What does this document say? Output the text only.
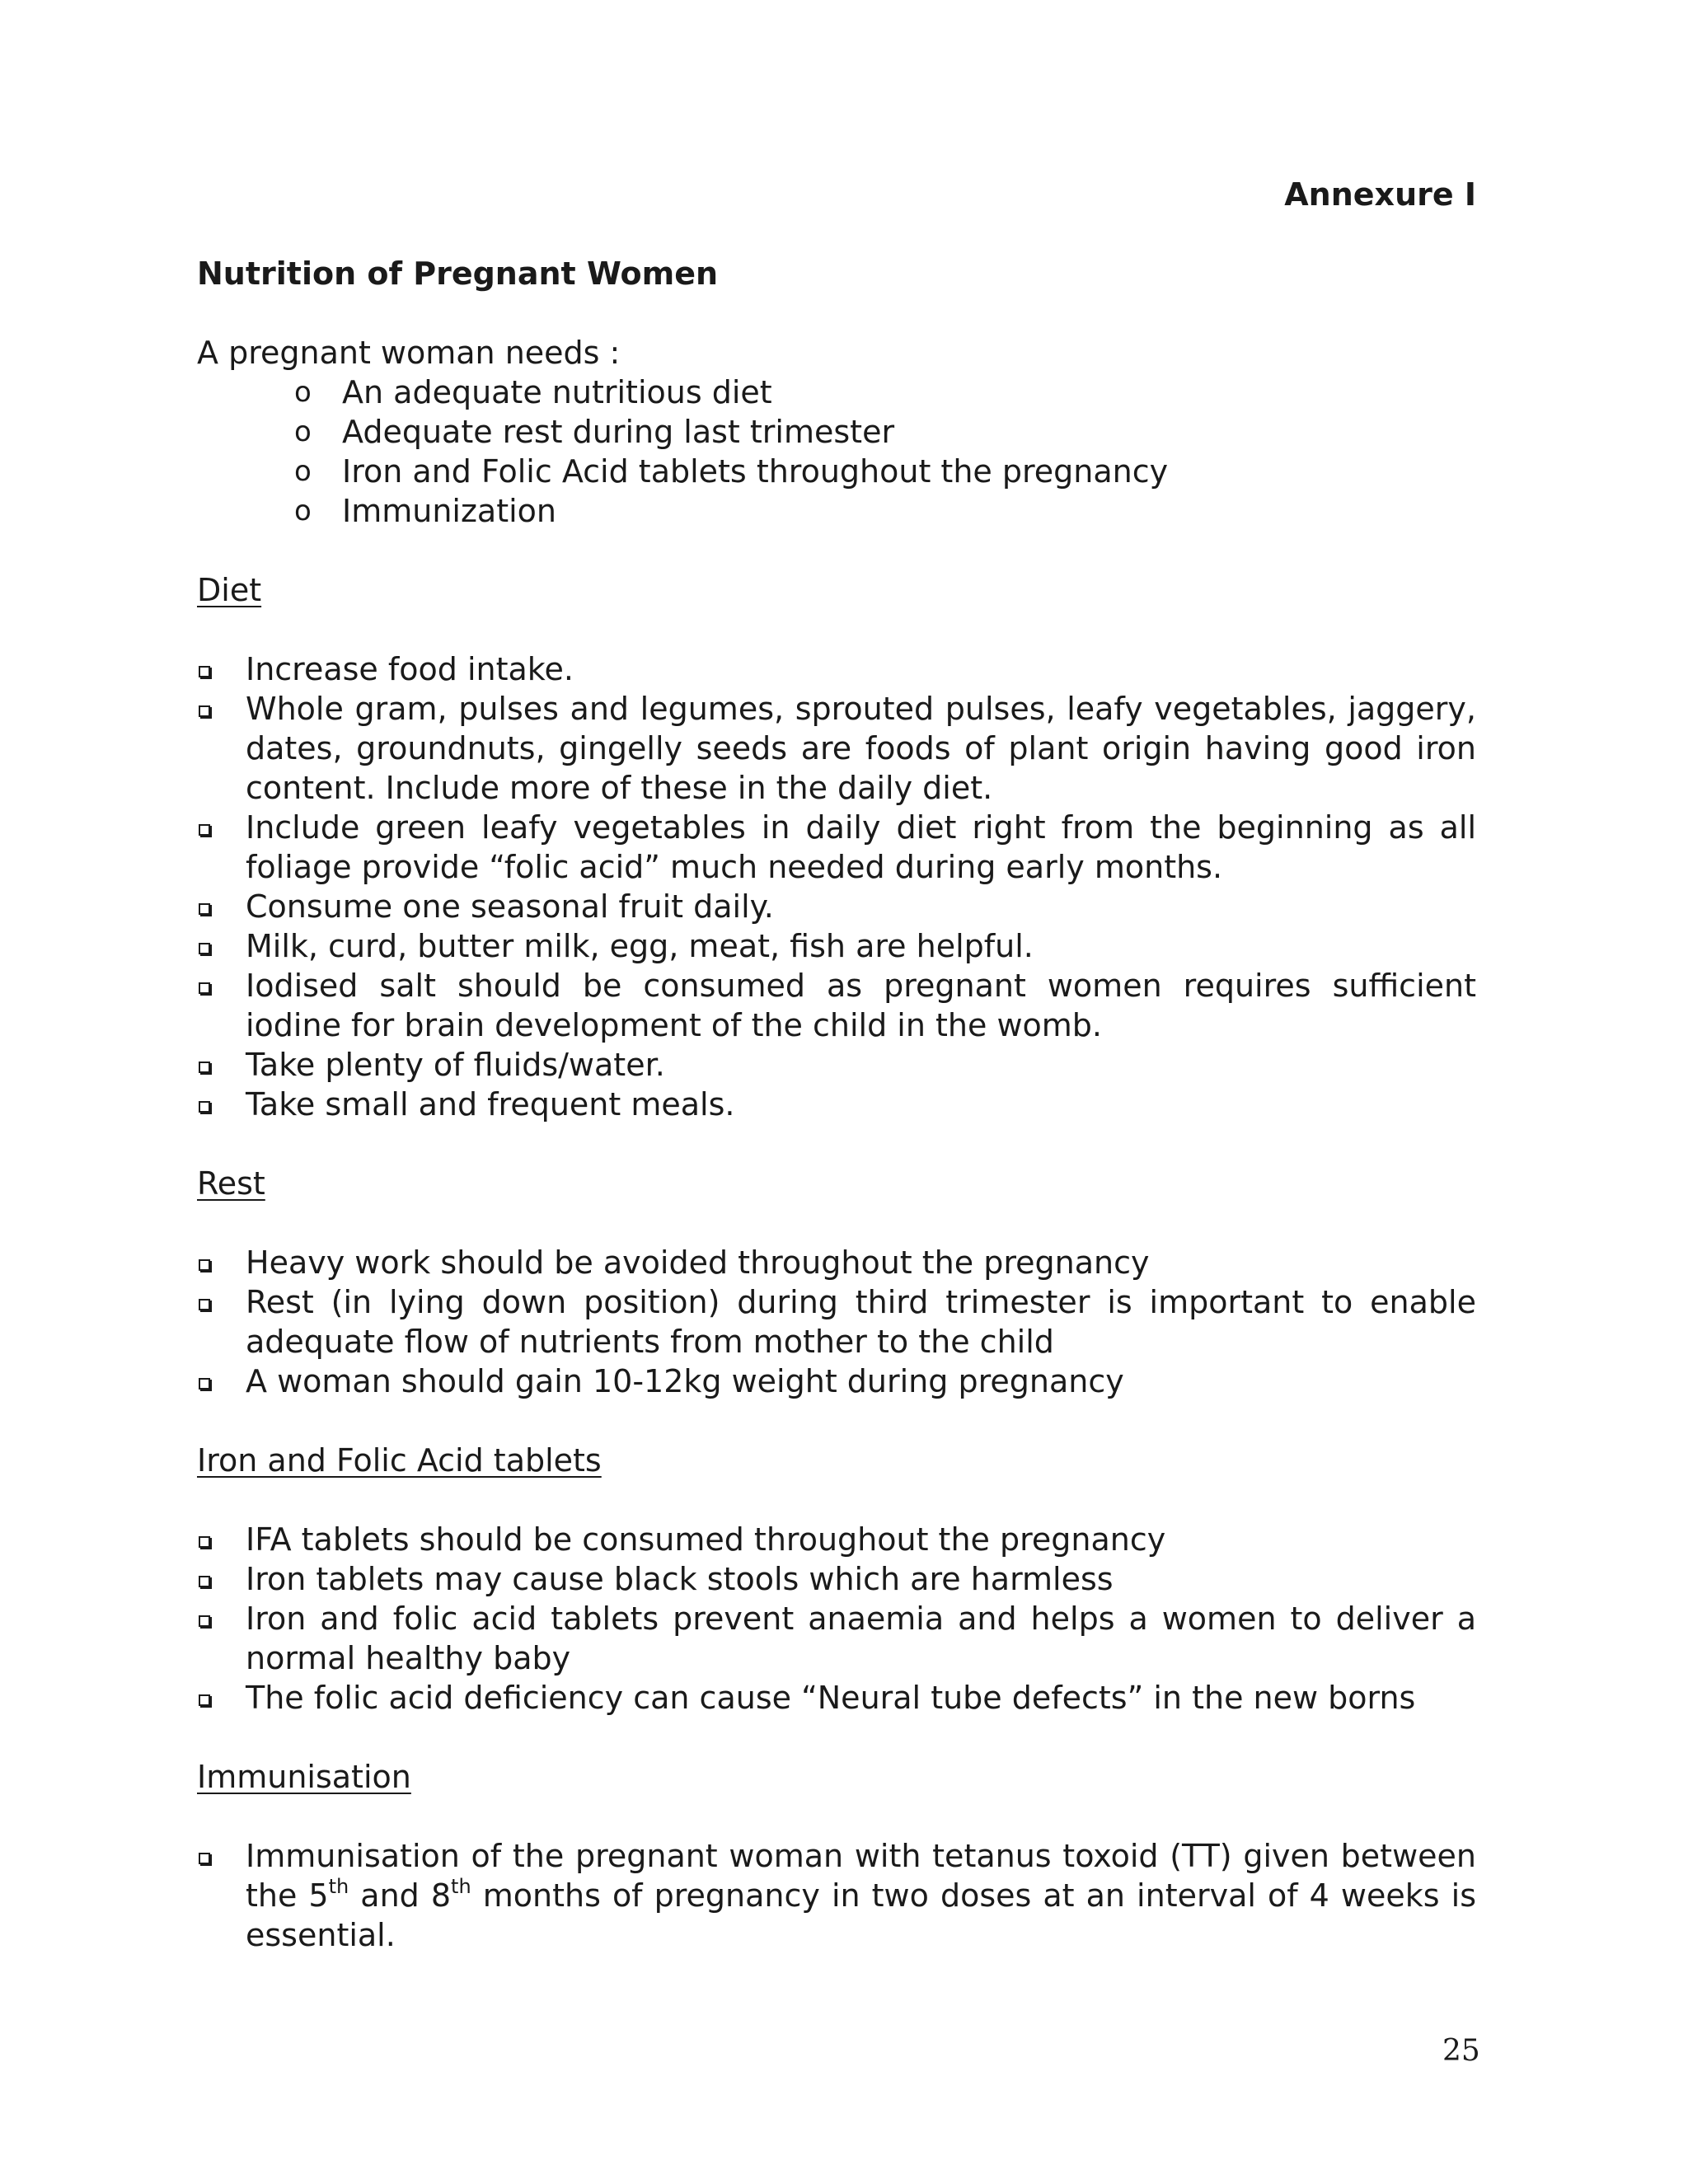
Annexure I

Nutrition of Pregnant Women

A pregnant woman needs :

o An adequate nutritious diet
o Adequate rest during last trimester
o Iron and Folic Acid tablets throughout the pregnancy
o Immunization
Diet
Increase food intake.
Whole gram, pulses and legumes, sprouted pulses, leafy vegetables, jaggery, dates, groundnuts, gingelly seeds are foods of plant origin having good iron content. Include more of these in the daily diet.
Include green leafy vegetables in daily diet right from the beginning as all foliage provide “folic acid” much needed during early months.
Consume one seasonal fruit daily.
Milk, curd, butter milk, egg, meat, fish are helpful.
Iodised salt should be consumed as pregnant women requires sufficient iodine for brain development of the child in the womb.
Take plenty of fluids/water.
Take small and frequent meals.
Rest
Heavy work should be avoided throughout the pregnancy
Rest (in lying down position) during third trimester is important to enable adequate flow of nutrients from mother to the child
A woman should gain 10-12kg weight during pregnancy
Iron and Folic Acid tablets
IFA tablets should be consumed throughout the pregnancy
Iron tablets may cause black stools which are harmless
Iron and folic acid tablets prevent anaemia and helps a women to deliver a normal healthy baby
The folic acid deficiency can cause “Neural tube defects” in the new borns
Immunisation
Immunisation of the pregnant woman with tetanus toxoid (TT) given between the 5th and 8th months of pregnancy in two doses at an interval of 4 weeks is essential.
25
